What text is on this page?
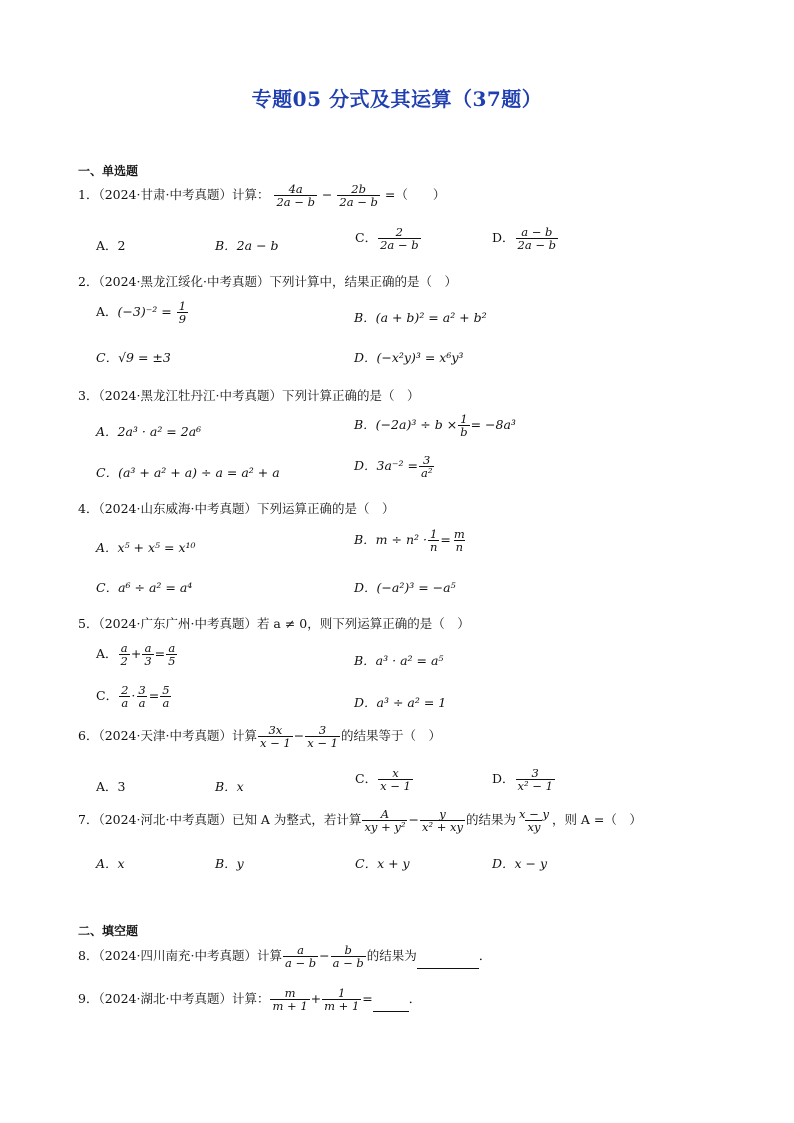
专题05 分式及其运算（37题）
一、单选题
1．（2024·甘肃·中考真题）计算： $\frac{4a}{2a - b} - \frac{2b}{2a - b}$ =（　　）
A．2	B．2a − b
C． $\frac{2}{2a - b}$	D． $\frac{a - b}{2a - b}$
2．（2024·黑龙江绥化·中考真题）下列计算中，结果正确的是（　）
A．$(-3)^{-2} = \frac{1}{9}$	B．(a + b)² = a² + b²
C．√9 = ±3	D．(−x²y)³ = x⁶y³
3．（2024·黑龙江牡丹江·中考真题）下列计算正确的是（　）
A．2a³ · a² = 2a⁶	B．$(-2a)^3 \div b \times \frac{1}{b} = -8a^3$
C．(a³ + a² + a) ÷ a = a² + a	D．$3a^{-2} = \frac{3}{\text{a²}}$
4．（2024·山东威海·中考真题）下列运算正确的是（　）
A．x⁵ + x⁵ = x¹⁰
B．$m \div n^2 \cdot \frac{1}{n} = \frac{m}{n}$
C．a⁶ ÷ a² = a⁴	D．(−a²)³ = −a⁵
5．（2024·广东广州·中考真题）若 a ≠ 0，则下列运算正确的是（　）
A． $\frac{a}{2} + \frac{a}{3} = \frac{a}{5}$	B．a³ · a² = a⁵
C． $\frac{2}{a} \cdot \frac{3}{a} = \frac{5}{a}$	D．a³ ÷ a² = 1
6．（2024·天津·中考真题）计算 $\frac{3x}{x - 1} - \frac{3}{x - 1}$ 的结果等于（　）
A．3	B．x
C． $\frac{x}{x - 1}$	D． $\frac{3}{\text{x² − 1}}$
7．（2024·河北·中考真题）已知 A 为整式，若计算 $\frac{A}{\text{xy + y²}} - \frac{y}{\text{x² + xy}}$ 的结果为 $\frac{x - y}{xy}$ ，则 A =（　）
A．x	B．y	C．x + y	D．x − y
二、填空题
8．（2024·四川南充·中考真题）计算 $\frac{a}{a - b} - \frac{b}{a - b}$ 的结果为	．
9．（2024·湖北·中考真题）计算： $\frac{m}{m + 1} + \frac{1}{m + 1}$ =	．
